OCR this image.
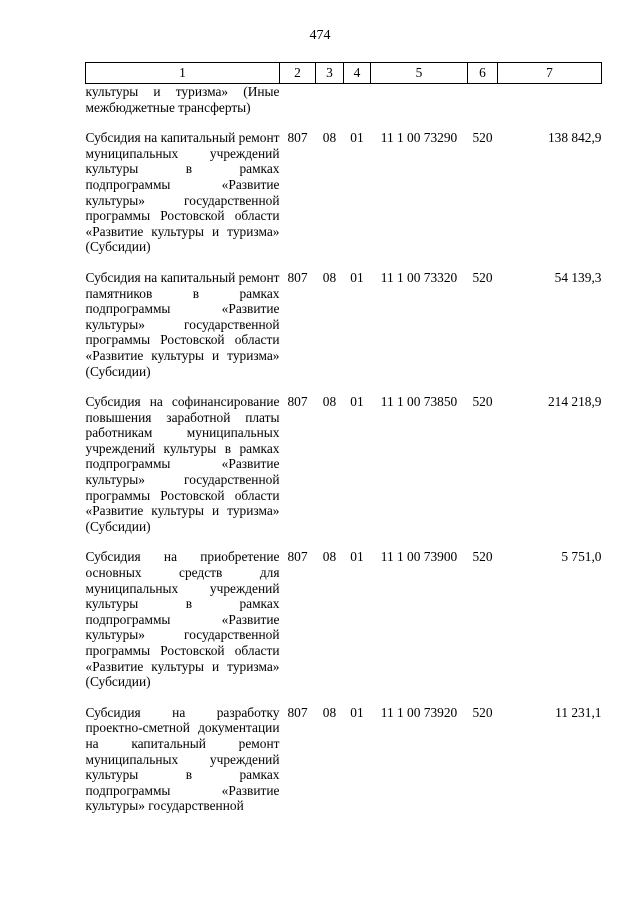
474
1	2	3	4	5	6	7
культуры и туризма» (Иные межбюджетные трансферты)						

Субсидия на капитальный ремонт муниципальных учреждений культуры в рамках подпрограммы «Развитие культуры» государственной программы Ростовской области «Развитие культуры и туризма» (Субсидии)	807	08	01	11 1 00 73290	520	138 842,9

Субсидия на капитальный ремонт памятников в рамках подпрограммы «Развитие культуры» государственной программы Ростовской области «Развитие культуры и туризма» (Субсидии)	807	08	01	11 1 00 73320	520	54 139,3

Субсидия на софинансирование повышения заработной платы работникам муниципальных учреждений культуры в рамках подпрограммы «Развитие культуры» государственной программы Ростовской области «Развитие культуры и туризма» (Субсидии)	807	08	01	11 1 00 73850	520	214 218,9

Субсидия на приобретение основных средств для муниципальных учреждений культуры в рамках подпрограммы «Развитие культуры» государственной программы Ростовской области «Развитие культуры и туризма» (Субсидии)	807	08	01	11 1 00 73900	520	5 751,0

Субсидия на разработку проектно-сметной документации на капитальный ремонт муниципальных учреждений культуры в рамках подпрограммы «Развитие культуры» государственной	807	08	01	11 1 00 73920	520	11 231,1
